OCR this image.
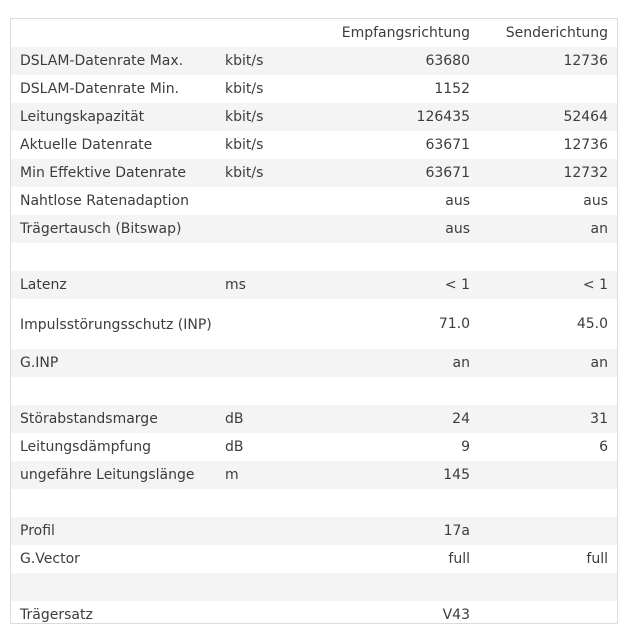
		Empfangsrichtung	Senderichtung
DSLAM-Datenrate Max.	kbit/s	63680	12736
DSLAM-Datenrate Min.	kbit/s	1152	
Leitungskapazität	kbit/s	126435	52464
Aktuelle Datenrate	kbit/s	63671	12736
Min Effektive Datenrate	kbit/s	63671	12732
Nahtlose Ratenadaption		aus	aus
Trägertausch (Bitswap)		aus	an

Latenz	ms	< 1	< 1
Impulsstörungsschutz (INP)		71.0	45.0
G.INP		an	an

Störabstandsmarge	dB	24	31
Leitungsdämpfung	dB	9	6
ungefähre Leitungslänge	m	145	

Profil		17a	
G.Vector		full	full

Trägersatz		V43	
